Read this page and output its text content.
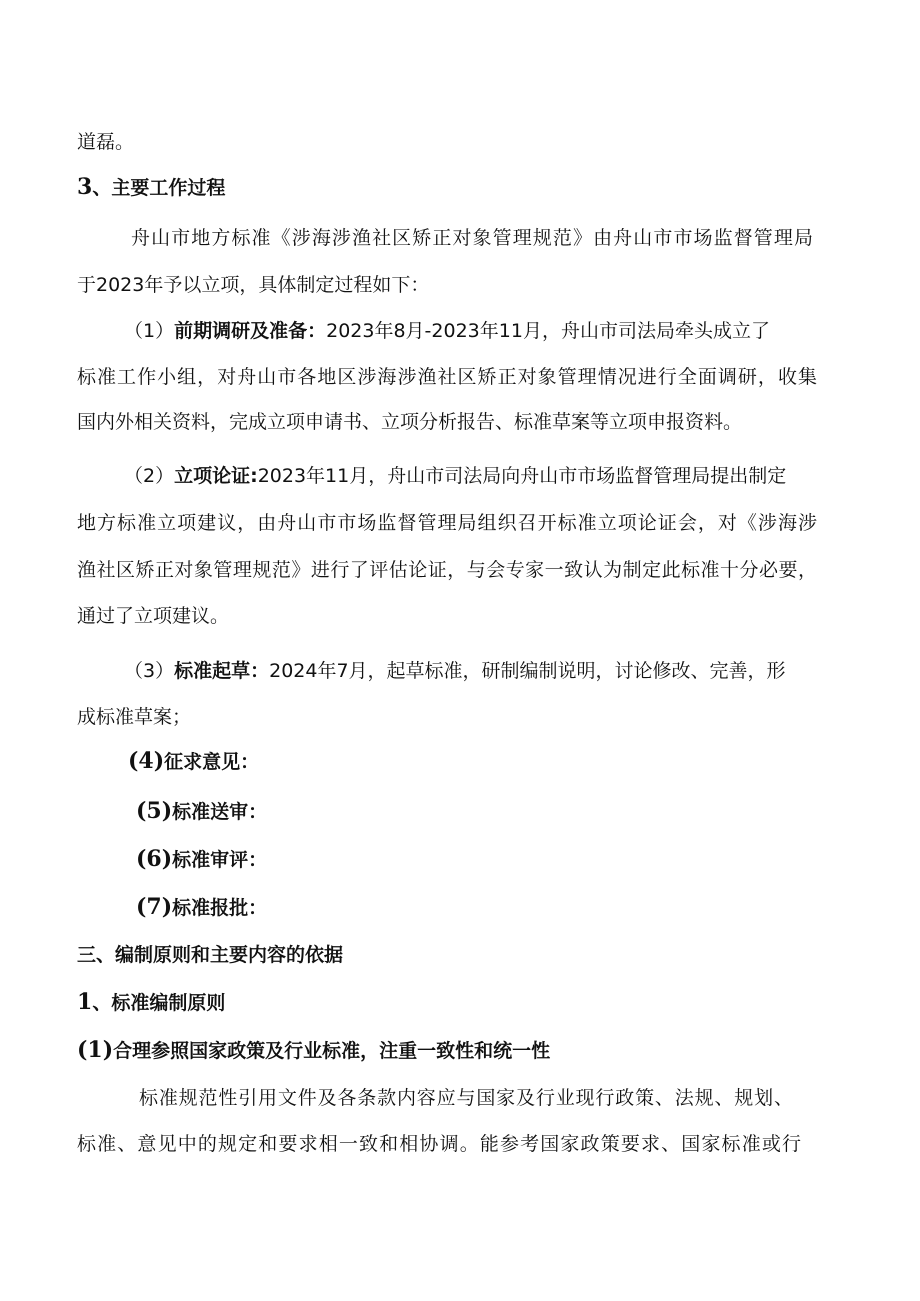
道磊。
3、主要工作过程
舟山市地方标准《涉海涉渔社区矫正对象管理规范》由舟山市市场监督管理局
于2023年予以立项，具体制定过程如下：
（1）前期调研及准备：2023年8月-2023年11月，舟山市司法局牵头成立了
标准工作小组，对舟山市各地区涉海涉渔社区矫正对象管理情况进行全面调研，收集
国内外相关资料，完成立项申请书、立项分析报告、标准草案等立项申报资料。
（2）立项论证:2023年11月，舟山市司法局向舟山市市场监督管理局提出制定
地方标准立项建议，由舟山市市场监督管理局组织召开标准立项论证会，对《涉海涉
渔社区矫正对象管理规范》进行了评估论证，与会专家一致认为制定此标准十分必要，
通过了立项建议。
（3）标准起草：2024年7月，起草标准，研制编制说明，讨论修改、完善，形
成标准草案；
(4)征求意见：
(5)标准送审：
(6)标准审评：
(7)标准报批：
三、编制原则和主要内容的依据
1、标准编制原则
(1)合理参照国家政策及行业标准，注重一致性和统一性
标准规范性引用文件及各条款内容应与国家及行业现行政策、法规、规划、
标准、意见中的规定和要求相一致和相协调。能参考国家政策要求、国家标准或行
